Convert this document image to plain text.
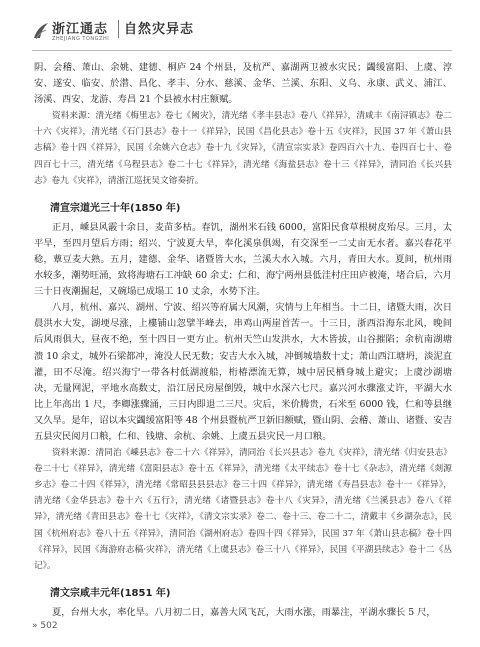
浙江通志
ZHEJIANG TONGZHI
自然灾异志

阴、会稽、萧山、余姚、建德、桐庐 24 个州县，及杭严、嘉湖两卫被水灾民；蠲缓富阳、上虞、淳安、遂安、临安、於潜、昌化、孝丰、分水、慈溪、金华、兰溪、东阳、义乌、永康、武义、浦江、汤溪、西安、龙游、寿昌 21 个县被水村庄额赋。

资料来源：清光绪《梅里志》卷七《阙灾》，清光绪《孝丰县志》卷八《祥异》，清咸丰《南浔镇志》卷二十六《灾祥》，清光绪《石门县志》卷十一《祥异》，民国《昌化县志》卷十五《灾祥》，民国 37 年《萧山县志稿》卷十四《祥异》，民国《余姚六仓志》卷十九《灾异》，《清宣宗实录》卷四百六十九、卷四百七十、卷四百七十三，清光绪《乌程县志》卷二十七《祥异》，清光绪《海盐县志》卷十三《祥异》，清同治《长兴县志》卷九《灾祥》，清浙江巡抚吴文镕奏折。

清宣宗道光三十年(1850 年)

正月，嵊县风霰十余日，麦苗多枯。春饥，湖州米石钱 6000，富阳民食草根树皮殆尽。三月，太平旱，至四月望后方雨；绍兴、宁波夏大旱，奉化溪泉俱竭，有交深至一二丈亩无水者。嘉兴春花平稔，蕈豆麦大熟。五月，建德、金华、诸暨皆大水，兰溪大水入城。六月，青田大水。夏间，杭州雨水较多，潮势旺涌，致将海塘石工冲缺 60 余丈；仁和、海宁两州县低洼村庄田庐被淹，堵合后，六月三十日夜潮掘起，又碗塌已成塌工 10 丈余，水势下注。

八月，杭州、嘉兴、湖州、宁波、绍兴等府属大风潮，灾情与上年相当。十二日，诸暨大雨，次日晨洪水大发，湖埂尽涨，上樓铺山忽擘半峰去，串鸡山两崖首苦一。十三日，浙西沿海东北风，晚间后风雨俱大，昼夜不绝，至十四日一更方止。杭州天竺山发洪水，大木皆拔，山谷摧陷；余杭南湖塘溃 10 余丈，城外石梁都冲，淹没人民无数；安吉大水入城，冲倒城墙数十丈；萧山西江塘坍，淡泥直灌，田不尽淹。绍兴海宁一带各村低湖渡船，桁椿漂流无算，城中居民栖身城上避灾；上虞沙湖塘决，无量网泥，平地水高数丈，沿江居民房屋倒毁，城中水深六七尺。嘉兴河水骤涨丈许，平湖大水比上年高出 1 尺，李卿涨骤涌，三日内即退二三尺。灾后，米价腾贵，石米至 6000 钱，仁和等县继又久旱。是年，诏以本灾蠲缓富阳等 48 个州县暨杭严卫新旧额赋，暨山阴、会稽、萧山、诸暨、安吉五县灾民阅月口粮，仁和、钱塘、余杭、余姚、上虞五县灾民一月口粮。

资料来源：清同治《嵊县志》卷二十六《祥异》，清同治《长兴县志》卷九《灾祥》，清光绪《归安县志》卷二十七《祥异》，清光绪《富阳县志》卷十五《祥异》，清光绪《太平续志》卷十七《杂志》，清光绪《剡源乡志》卷二十四《祥异》，清光绪《常昭县县县志》卷三十四《祥异》，清光绪《寿昌县志》卷十一《祥异》，清光绪《金华县志》卷十六《五行》，清光绪《诸暨县志》卷十八《灾异》，清光绪《兰溪县志》卷八《祥异》，清光绪《青田县志》卷十七《灾祥》，《清文宗实录》卷二、卷十三、卷二十二，清戴丰《乡湖杂志》，民国《杭州府志》卷八十五《祥异》，清同治《湖州府志》卷四十四《祥异》，民国 37 年《萧山县志稿》卷十四《祥异》，民国《海游府志稿·灾祥》，清光绪《上虞县志》卷三十八《祥异》，民国《平湖县续志》卷十二《丛记》。

清文宗咸丰元年(1851 年)

夏，台州大水，率化旱。八月初二日，嘉善大风飞瓦，大雨水涨，雨暴注，平湖水骤长 5 尺，

» 502
